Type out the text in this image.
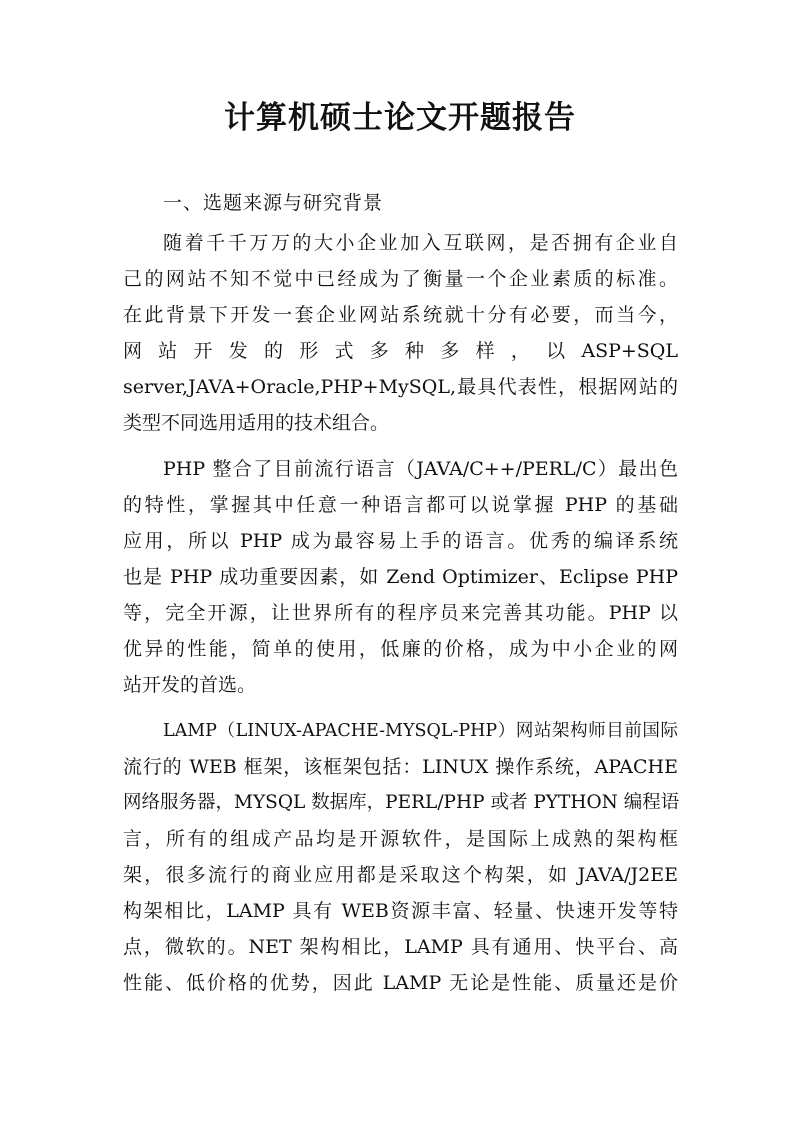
计算机硕士论文开题报告
一、选题来源与研究背景
随着千千万万的大小企业加入互联网，是否拥有企业自
己的网站不知不觉中已经成为了衡量一个企业素质的标准。
在此背景下开发一套企业网站系统就十分有必要，而当今，
网 站 开 发 的 形 式 多 种 多 样 ， 以 ASP+SQL
server,JAVA+Oracle,PHP+MySQL,最具代表性，根据网站的
类型不同选用适用的技术组合。
PHP 整合了目前流行语言（JAVA/C++/PERL/C）最出色
的特性，掌握其中任意一种语言都可以说掌握 PHP 的基础
应用，所以 PHP 成为最容易上手的语言。优秀的编译系统
也是 PHP 成功重要因素，如 Zend Optimizer、Eclipse PHP
等，完全开源，让世界所有的程序员来完善其功能。PHP 以
优异的性能，简单的使用，低廉的价格，成为中小企业的网
站开发的首选。
LAMP（LINUX-APACHE-MYSQL-PHP）网站架构师目前国际
流行的 WEB 框架，该框架包括：LINUX 操作系统，APACHE
网络服务器，MYSQL 数据库，PERL/PHP 或者 PYTHON 编程语
言，所有的组成产品均是开源软件，是国际上成熟的架构框
架，很多流行的商业应用都是采取这个构架，如 JAVA/J2EE
构架相比，LAMP 具有 WEB资源丰富、轻量、快速开发等特
点，微软的。NET 架构相比，LAMP 具有通用、快平台、高
性能、低价格的优势，因此 LAMP 无论是性能、质量还是价
